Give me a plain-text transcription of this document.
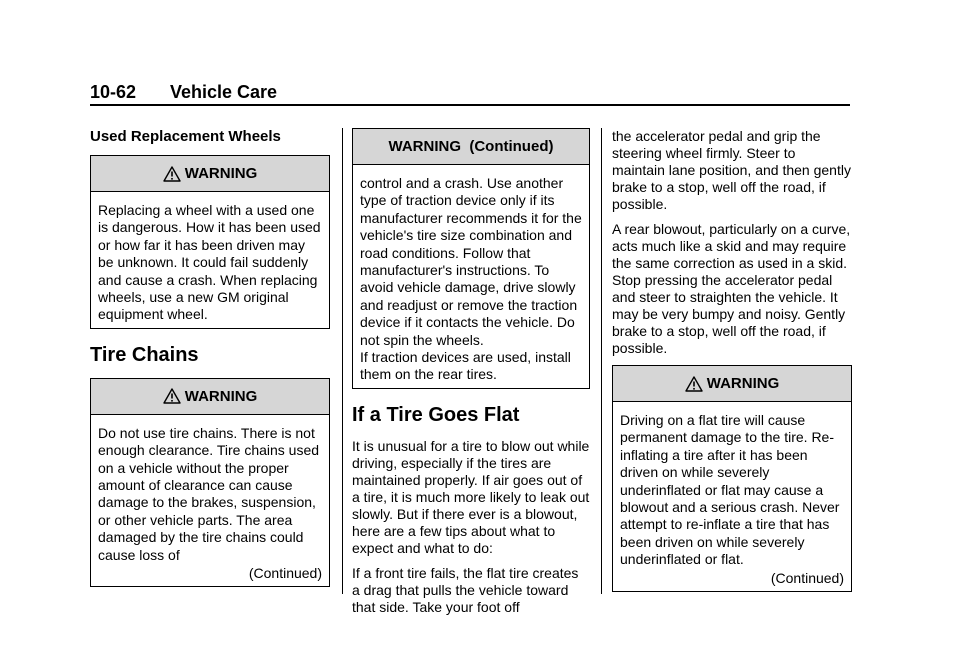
10-62 Vehicle Care
Used Replacement Wheels
WARNING

Replacing a wheel with a used one is dangerous. How it has been used or how far it has been driven may be unknown. It could fail suddenly and cause a crash. When replacing wheels, use a new GM original equipment wheel.

Tire Chains
WARNING

Do not use tire chains. There is not enough clearance. Tire chains used on a vehicle without the proper amount of clearance can cause damage to the brakes, suspension, or other vehicle parts. The area damaged by the tire chains could cause loss of

(Continued)
WARNING  (Continued)

control and a crash. Use another type of traction device only if its manufacturer recommends it for the vehicle's tire size combination and road conditions. Follow that manufacturer's instructions. To avoid vehicle damage, drive slowly and readjust or remove the traction device if it contacts the vehicle. Do not spin the wheels.

If traction devices are used, install them on the rear tires.

If a Tire Goes Flat

It is unusual for a tire to blow out while driving, especially if the tires are maintained properly. If air goes out of a tire, it is much more likely to leak out slowly. But if there ever is a blowout, here are a few tips about what to expect and what to do:

If a front tire fails, the flat tire creates a drag that pulls the vehicle toward that side. Take your foot off

the accelerator pedal and grip the steering wheel firmly. Steer to maintain lane position, and then gently brake to a stop, well off the road, if possible.

A rear blowout, particularly on a curve, acts much like a skid and may require the same correction as used in a skid. Stop pressing the accelerator pedal and steer to straighten the vehicle. It may be very bumpy and noisy. Gently brake to a stop, well off the road, if possible.

WARNING

Driving on a flat tire will cause permanent damage to the tire. Re-inflating a tire after it has been driven on while severely underinflated or flat may cause a blowout and a serious crash. Never attempt to re-inflate a tire that has been driven on while severely underinflated or flat.

(Continued)
